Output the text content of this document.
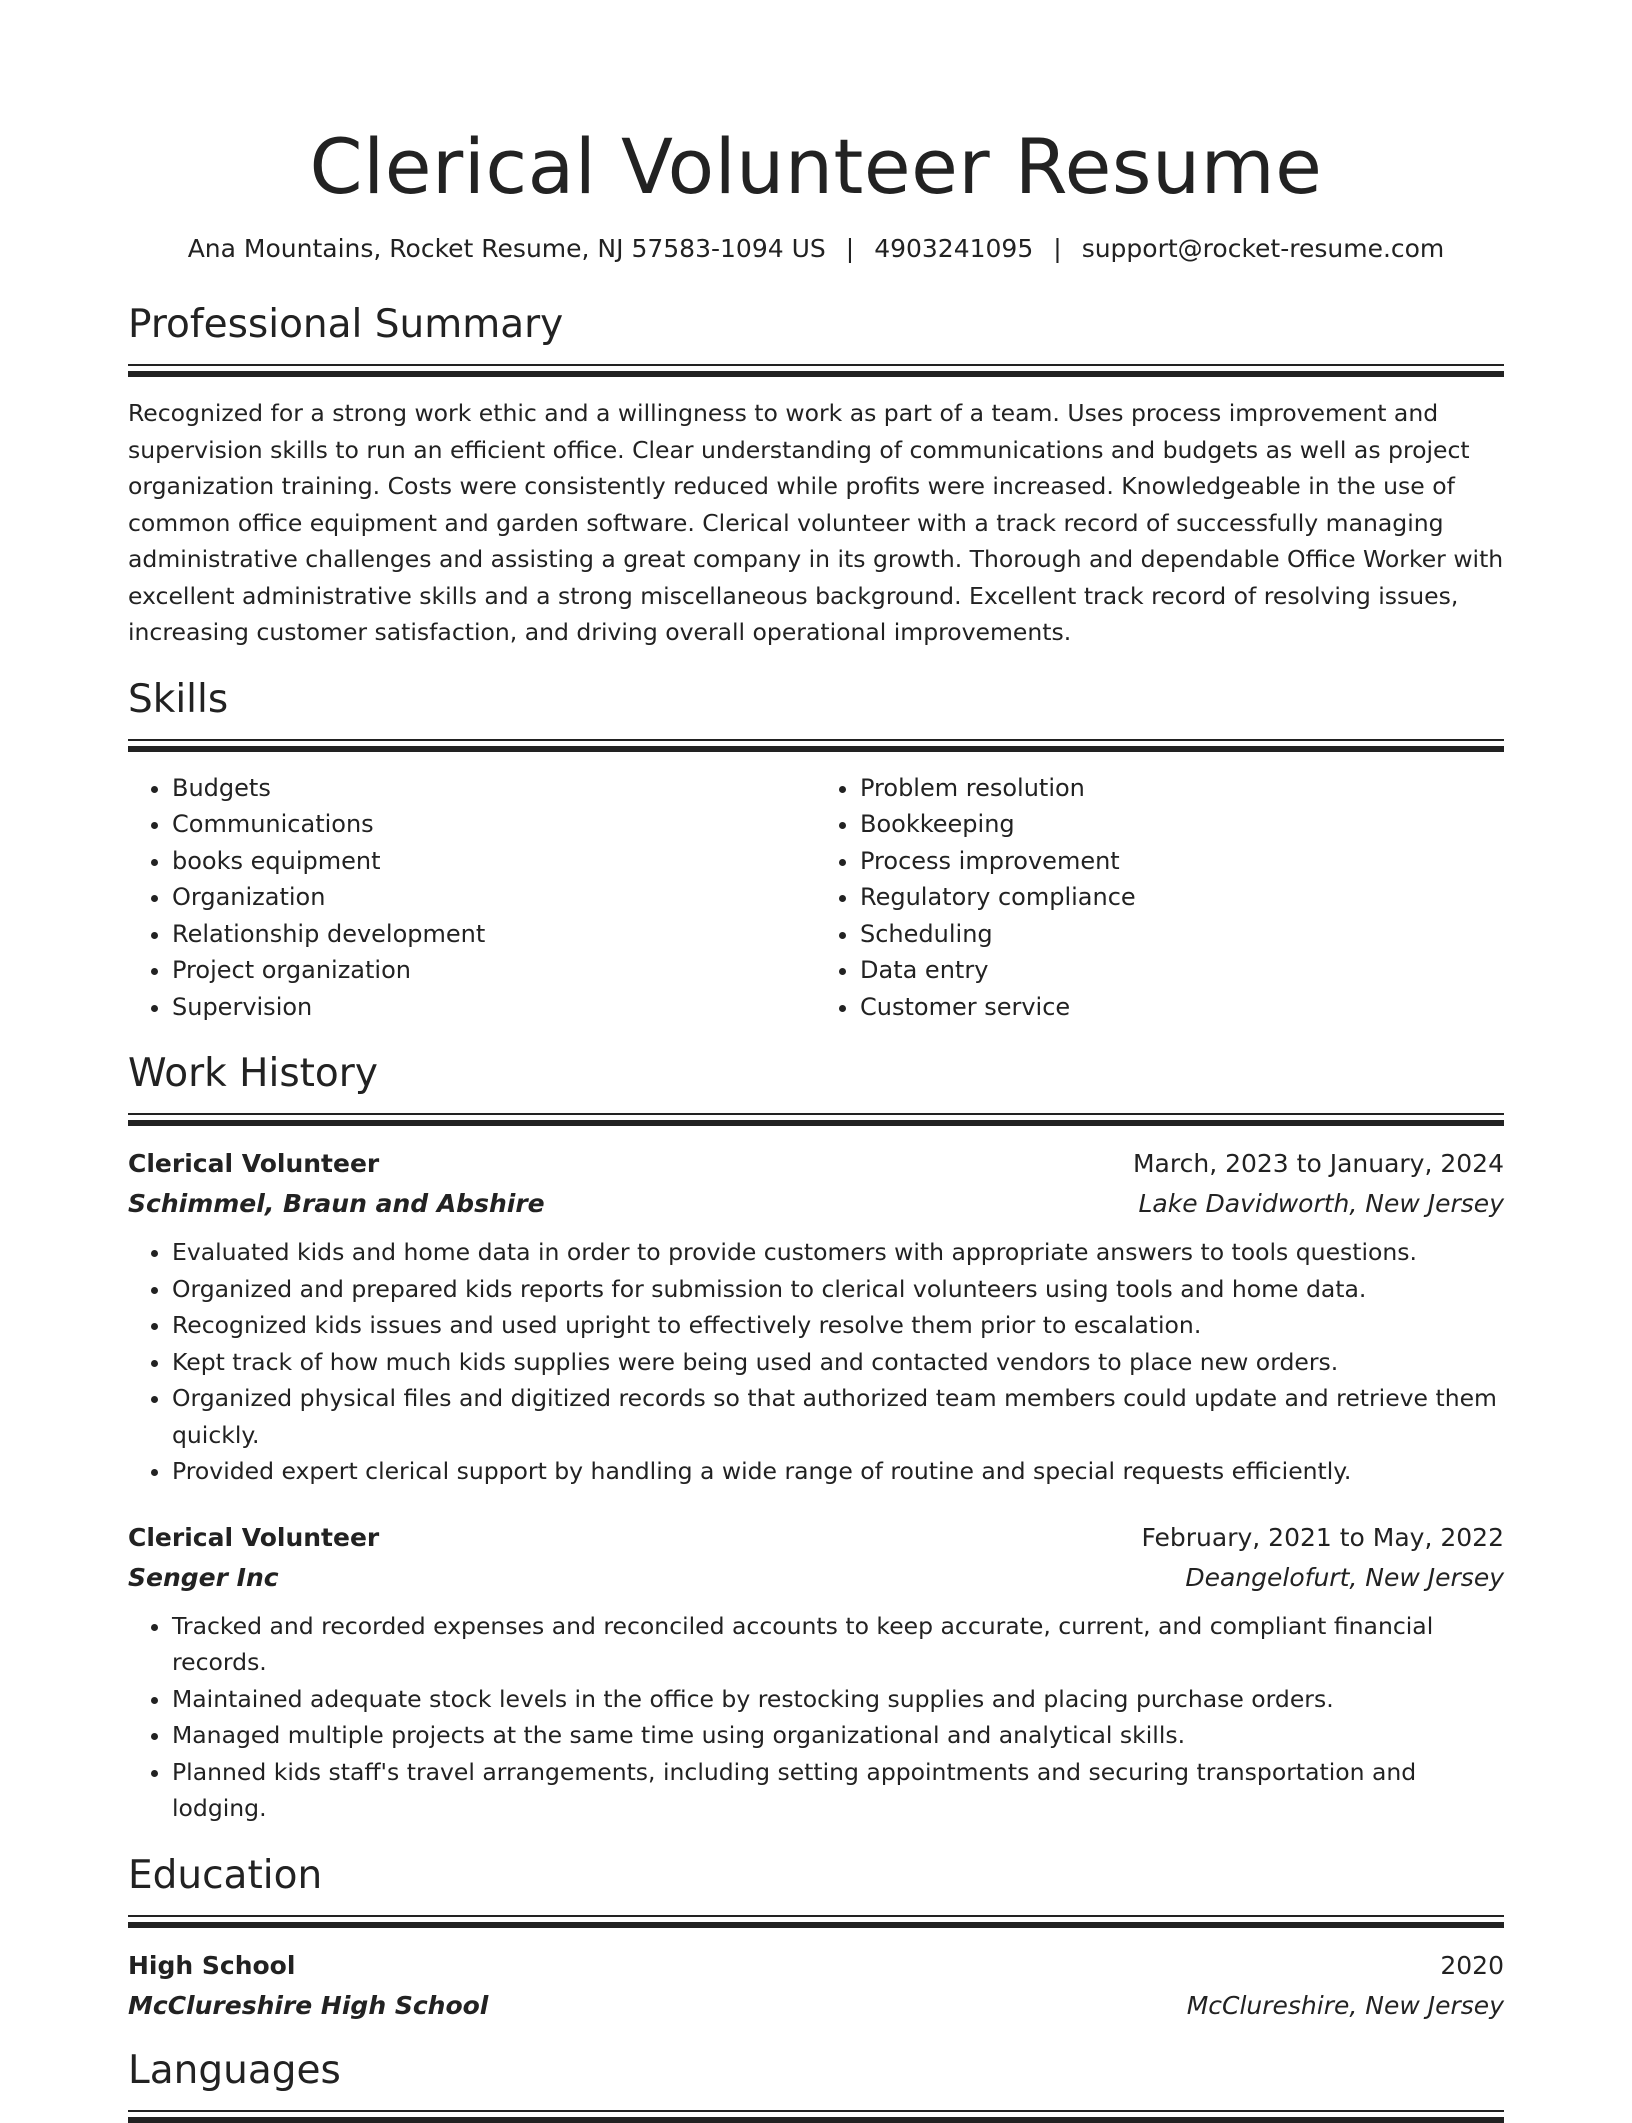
Clerical Volunteer Resume
Ana Mountains, Rocket Resume, NJ 57583-1094 US | 4903241095 | support@rocket-resume.com
Professional Summary

Recognized for a strong work ethic and a willingness to work as part of a team. Uses process improvement and supervision skills to run an efficient office. Clear understanding of communications and budgets as well as project organization training. Costs were consistently reduced while profits were increased. Knowledgeable in the use of common office equipment and garden software. Clerical volunteer with a track record of successfully managing administrative challenges and assisting a great company in its growth. Thorough and dependable Office Worker with excellent administrative skills and a strong miscellaneous background. Excellent track record of resolving issues, increasing customer satisfaction, and driving overall operational improvements.

Skills
• Budgets
• Communications
• books equipment
• Organization
• Relationship development
• Project organization
• Supervision
• Problem resolution
• Bookkeeping
• Process improvement
• Regulatory compliance
• Scheduling
• Data entry
• Customer service
Work History
Clerical Volunteer	March, 2023 to January, 2024
Schimmel, Braun and Abshire	Lake Davidworth, New Jersey
• Evaluated kids and home data in order to provide customers with appropriate answers to tools questions.
• Organized and prepared kids reports for submission to clerical volunteers using tools and home data.
• Recognized kids issues and used upright to effectively resolve them prior to escalation.
• Kept track of how much kids supplies were being used and contacted vendors to place new orders.
• Organized physical files and digitized records so that authorized team members could update and retrieve them quickly.
• Provided expert clerical support by handling a wide range of routine and special requests efficiently.
Clerical Volunteer	February, 2021 to May, 2022
Senger Inc	Deangelofurt, New Jersey
• Tracked and recorded expenses and reconciled accounts to keep accurate, current, and compliant financial records.
• Maintained adequate stock levels in the office by restocking supplies and placing purchase orders.
• Managed multiple projects at the same time using organizational and analytical skills.
• Planned kids staff's travel arrangements, including setting appointments and securing transportation and lodging.
Education
High School	2020
McClureshire High School	McClureshire, New Jersey
Languages
